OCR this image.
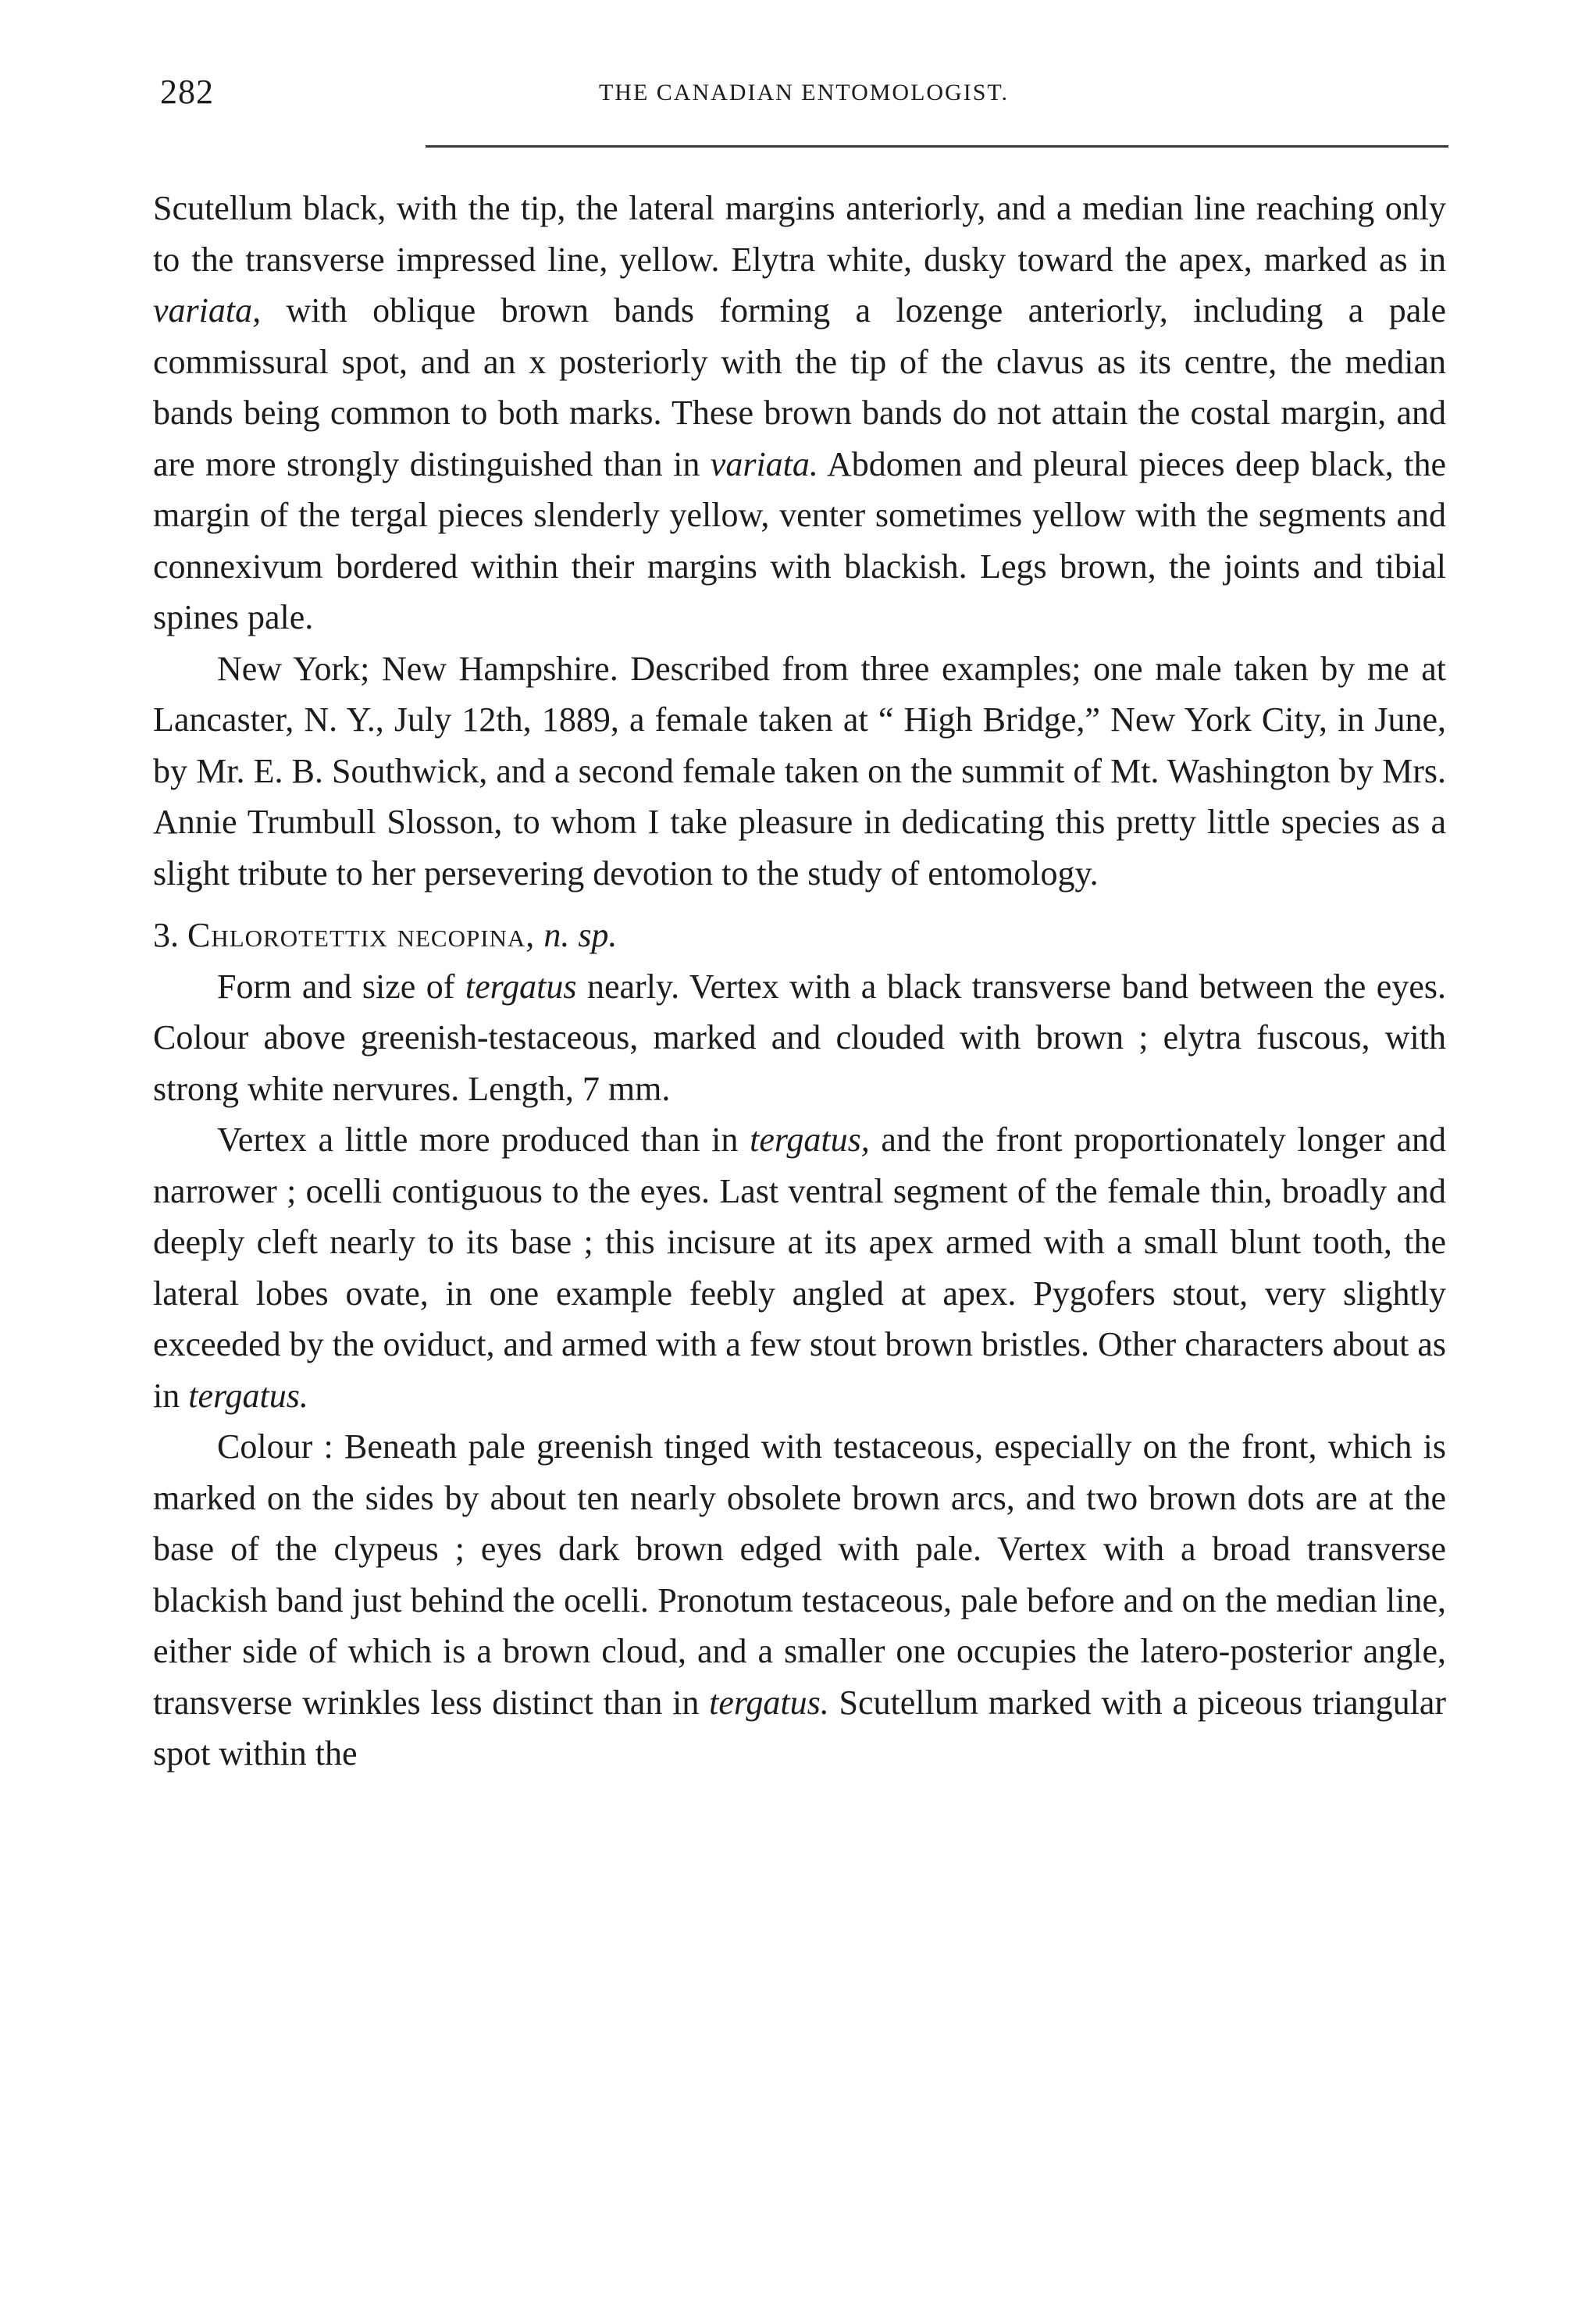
282	THE CANADIAN ENTOMOLOGIST.

Scutellum black, with the tip, the lateral margins anteriorly, and a median line reaching only to the transverse impressed line, yellow. Elytra white, dusky toward the apex, marked as in variata, with oblique brown bands forming a lozenge anteriorly, including a pale commissural spot, and an x posteriorly with the tip of the clavus as its centre, the median bands being common to both marks. These brown bands do not attain the costal margin, and are more strongly distinguished than in variata. Abdomen and pleural pieces deep black, the margin of the tergal pieces slenderly yellow, venter sometimes yellow with the segments and connexivum bordered within their margins with blackish. Legs brown, the joints and tibial spines pale.

New York; New Hampshire. Described from three examples; one male taken by me at Lancaster, N. Y., July 12th, 1889, a female taken at “ High Bridge,” New York City, in June, by Mr. E. B. Southwick, and a second female taken on the summit of Mt. Washington by Mrs. Annie Trumbull Slosson, to whom I take pleasure in dedicating this pretty little species as a slight tribute to her persevering devotion to the study of entomology.

3. Chlorotettix necopina, n. sp.

Form and size of tergatus nearly. Vertex with a black transverse band between the eyes. Colour above greenish-testaceous, marked and clouded with brown ; elytra fuscous, with strong white nervures. Length, 7 mm.

Vertex a little more produced than in tergatus, and the front proportionately longer and narrower ; ocelli contiguous to the eyes. Last ventral segment of the female thin, broadly and deeply cleft nearly to its base ; this incisure at its apex armed with a small blunt tooth, the lateral lobes ovate, in one example feebly angled at apex. Pygofers stout, very slightly exceeded by the oviduct, and armed with a few stout brown bristles. Other characters about as in tergatus.

Colour : Beneath pale greenish tinged with testaceous, especially on the front, which is marked on the sides by about ten nearly obsolete brown arcs, and two brown dots are at the base of the clypeus ; eyes dark brown edged with pale. Vertex with a broad transverse blackish band just behind the ocelli. Pronotum testaceous, pale before and on the median line, either side of which is a brown cloud, and a smaller one occupies the latero-posterior angle, transverse wrinkles less distinct than in tergatus. Scutellum marked with a piceous triangular spot within the
